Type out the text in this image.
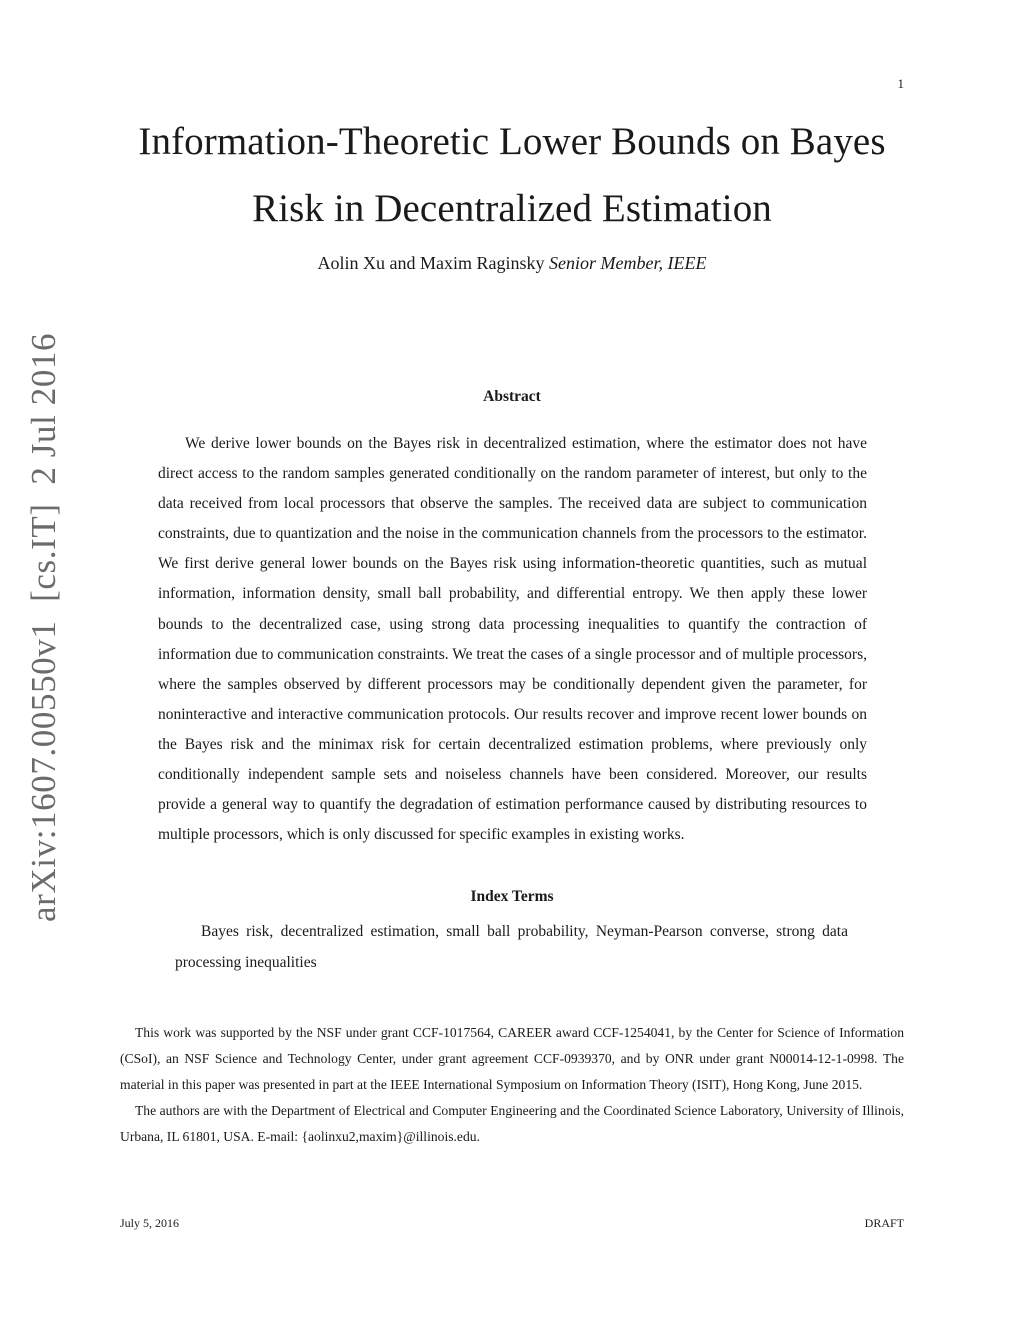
1
Information-Theoretic Lower Bounds on Bayes
Risk in Decentralized Estimation
Aolin Xu and Maxim Raginsky Senior Member, IEEE
arXiv:1607.00550v1  [cs.IT]  2 Jul 2016	Abstract

We derive lower bounds on the Bayes risk in decentralized estimation, where the estimator does not have direct access to the random samples generated conditionally on the random parameter of interest, but only to the data received from local processors that observe the samples. The received data are subject to communication constraints, due to quantization and the noise in the communication channels from the processors to the estimator. We first derive general lower bounds on the Bayes risk using information-theoretic quantities, such as mutual information, information density, small ball probability, and differential entropy. We then apply these lower bounds to the decentralized case, using strong data processing inequalities to quantify the contraction of information due to communication constraints. We treat the cases of a single processor and of multiple processors, where the samples observed by different processors may be conditionally dependent given the parameter, for noninteractive and interactive communication protocols. Our results recover and improve recent lower bounds on the Bayes risk and the minimax risk for certain decentralized estimation problems, where previously only conditionally independent sample sets and noiseless channels have been considered. Moreover, our results provide a general way to quantify the degradation of estimation performance caused by distributing resources to multiple processors, which is only discussed for specific examples in existing works.

Index Terms

Bayes risk, decentralized estimation, small ball probability, Neyman-Pearson converse, strong data processing inequalities

This work was supported by the NSF under grant CCF-1017564, CAREER award CCF-1254041, by the Center for Science of Information (CSoI), an NSF Science and Technology Center, under grant agreement CCF-0939370, and by ONR under grant N00014-12-1-0998. The material in this paper was presented in part at the IEEE International Symposium on Information Theory (ISIT), Hong Kong, June 2015.

The authors are with the Department of Electrical and Computer Engineering and the Coordinated Science Laboratory, University of Illinois, Urbana, IL 61801, USA. E-mail: {aolinxu2,maxim}@illinois.edu.

July 5, 2016	DRAFT
